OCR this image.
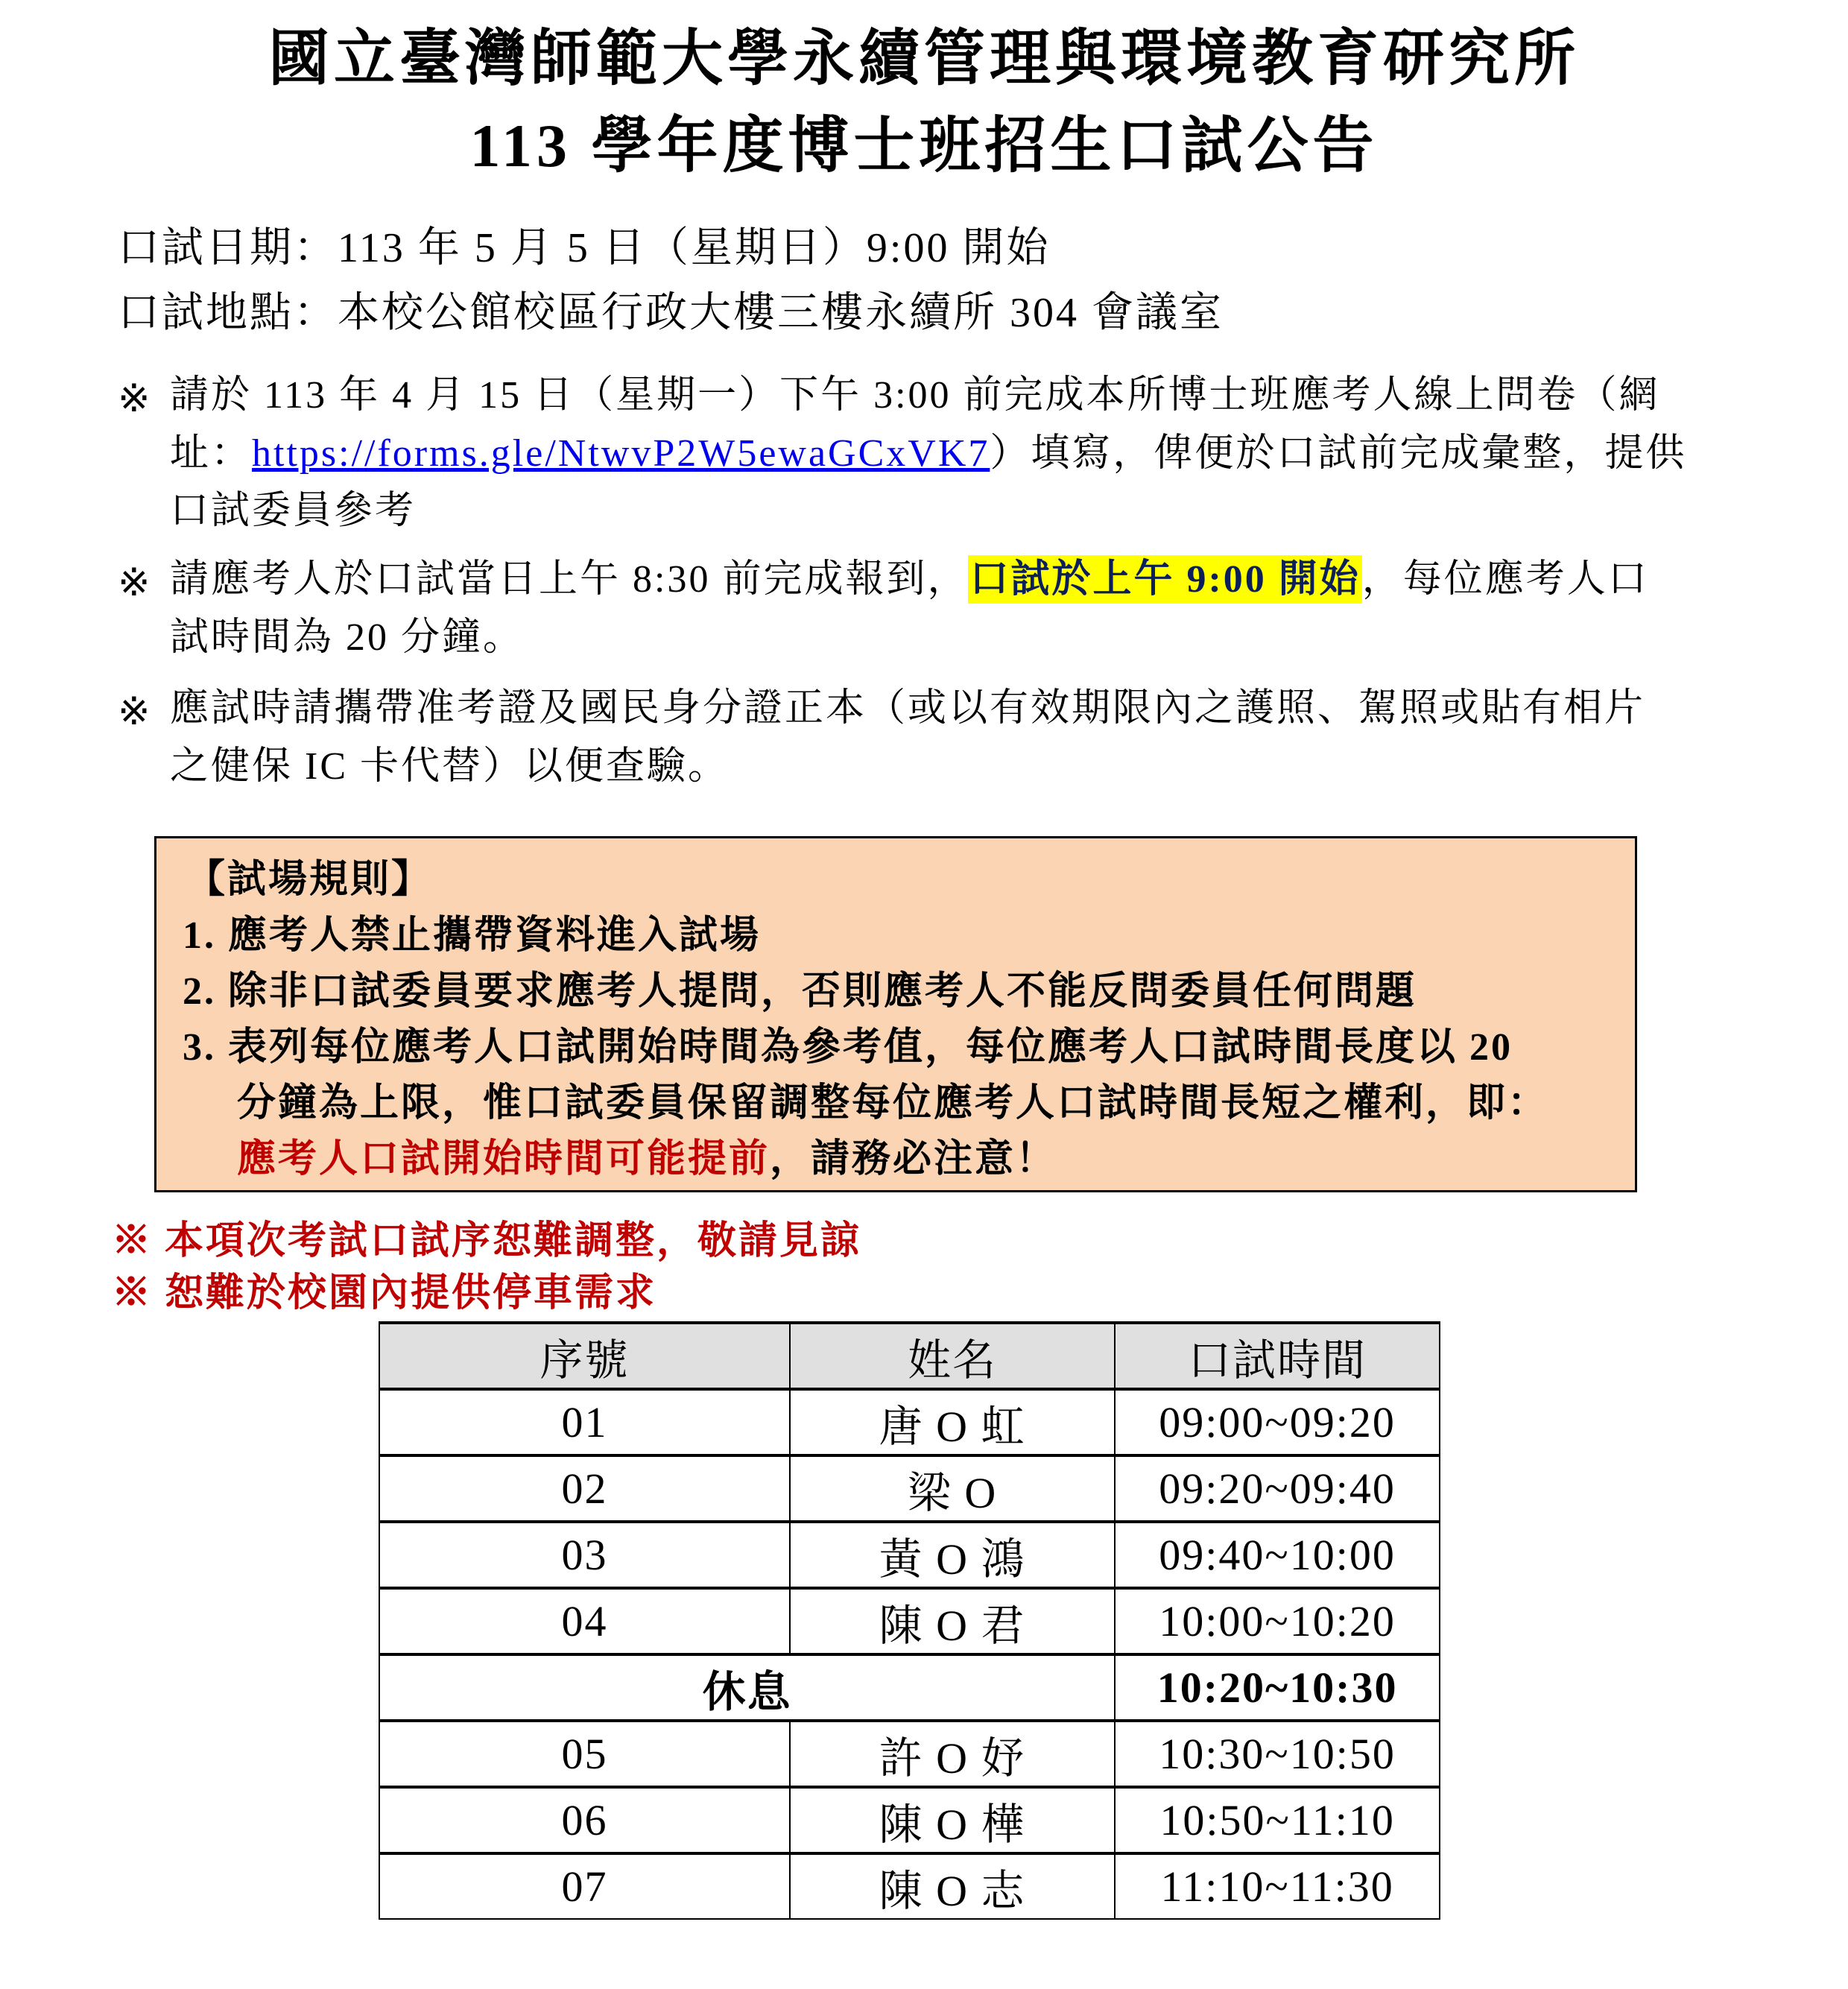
國立臺灣師範大學永續管理與環境教育研究所
113 學年度博士班招生口試公告
口試日期：113 年 5 月 5 日（星期日）9:00 開始
口試地點：本校公館校區行政大樓三樓永續所 304 會議室
※ 請於 113 年 4 月 15 日（星期一）下午 3:00 前完成本所博士班應考人線上問卷（網
址：https://forms.gle/NtwvP2W5ewaGCxVK7）填寫，俾便於口試前完成彙整，提供
口試委員參考
※ 請應考人於口試當日上午 8:30 前完成報到，口試於上午 9:00 開始，每位應考人口
試時間為 20 分鐘。
※ 應試時請攜帶准考證及國民身分證正本（或以有效期限內之護照、駕照或貼有相片
之健保 IC 卡代替）以便查驗。
【試場規則】
1. 應考人禁止攜帶資料進入試場
2. 除非口試委員要求應考人提問，否則應考人不能反問委員任何問題
3. 表列每位應考人口試開始時間為參考值，每位應考人口試時間長度以 20
分鐘為上限，惟口試委員保留調整每位應考人口試時間長短之權利，即：
應考人口試開始時間可能提前，請務必注意！
※ 本項次考試口試序恕難調整，敬請見諒
※ 恕難於校園內提供停車需求
序號	姓名	口試時間
01	唐 O 虹	09:00~09:20
02	梁 O	09:20~09:40
03	黃 O 鴻	09:40~10:00
04	陳 O 君	10:00~10:20
休息		10:20~10:30
05	許 O 妤	10:30~10:50
06	陳 O 樺	10:50~11:10
07	陳 O 志	11:10~11:30
